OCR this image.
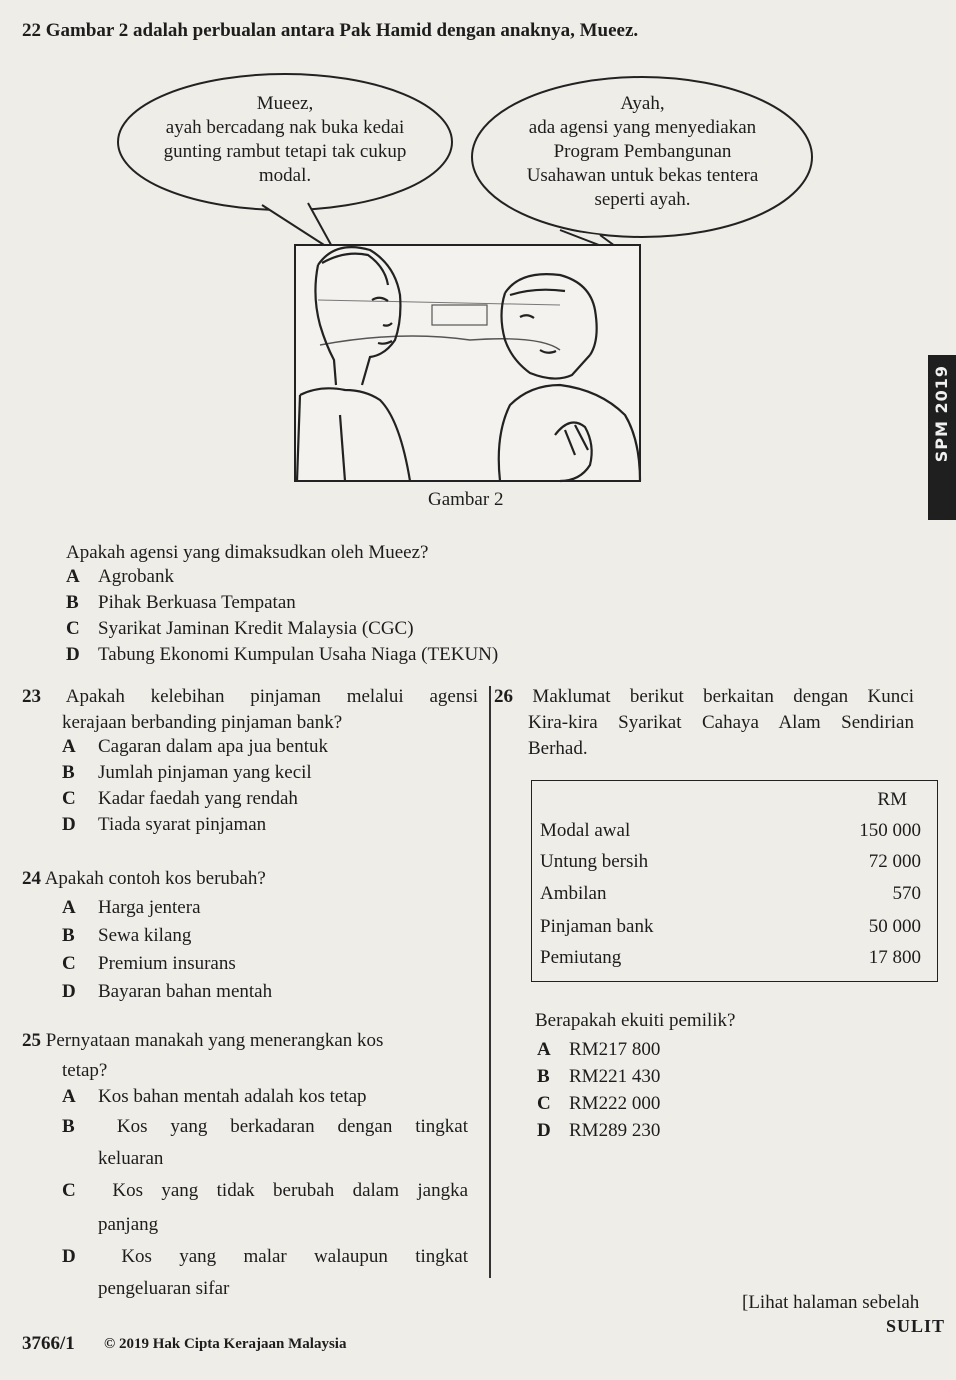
22 Gambar 2 adalah perbualan antara Pak Hamid dengan anaknya, Mueez.
Mueez,
ayah bercadang nak buka kedai
gunting rambut tetapi tak cukup
modal.
Ayah,
ada agensi yang menyediakan
Program Pembangunan
Usahawan untuk bekas tentera
seperti ayah.
Gambar 2
SPM 2019
Apakah agensi yang dimaksudkan oleh Mueez?
A Agrobank
B Pihak Berkuasa Tempatan
C Syarikat Jaminan Kredit Malaysia (CGC)
D Tabung Ekonomi Kumpulan Usaha Niaga (TEKUN)
23 Apakah kelebihan pinjaman melalui agensi
kerajaan berbanding pinjaman bank?
A Cagaran dalam apa jua bentuk
B Jumlah pinjaman yang kecil
C Kadar faedah yang rendah
D Tiada syarat pinjaman
24 Apakah contoh kos berubah?
A Harga jentera
B Sewa kilang
C Premium insurans
D Bayaran bahan mentah
25 Pernyataan manakah yang menerangkan kos
tetap?
A Kos bahan mentah adalah kos tetap
B Kos yang berkadaran dengan tingkat
keluaran
C Kos yang tidak berubah dalam jangka
panjang
D Kos yang malar walaupun tingkat
pengeluaran sifar
26 Maklumat berikut berkaitan dengan Kunci
Kira-kira Syarikat Cahaya Alam Sendirian
Berhad.
RM
Modal awal	150 000
Untung bersih	72 000
Ambilan	570
Pinjaman bank	50 000
Pemiutang	17 800
Berapakah ekuiti pemilik?
A RM217 800
B RM221 430
C RM222 000
D RM289 230
[Lihat halaman sebelah
SULIT
3766/1 © 2019 Hak Cipta Kerajaan Malaysia
